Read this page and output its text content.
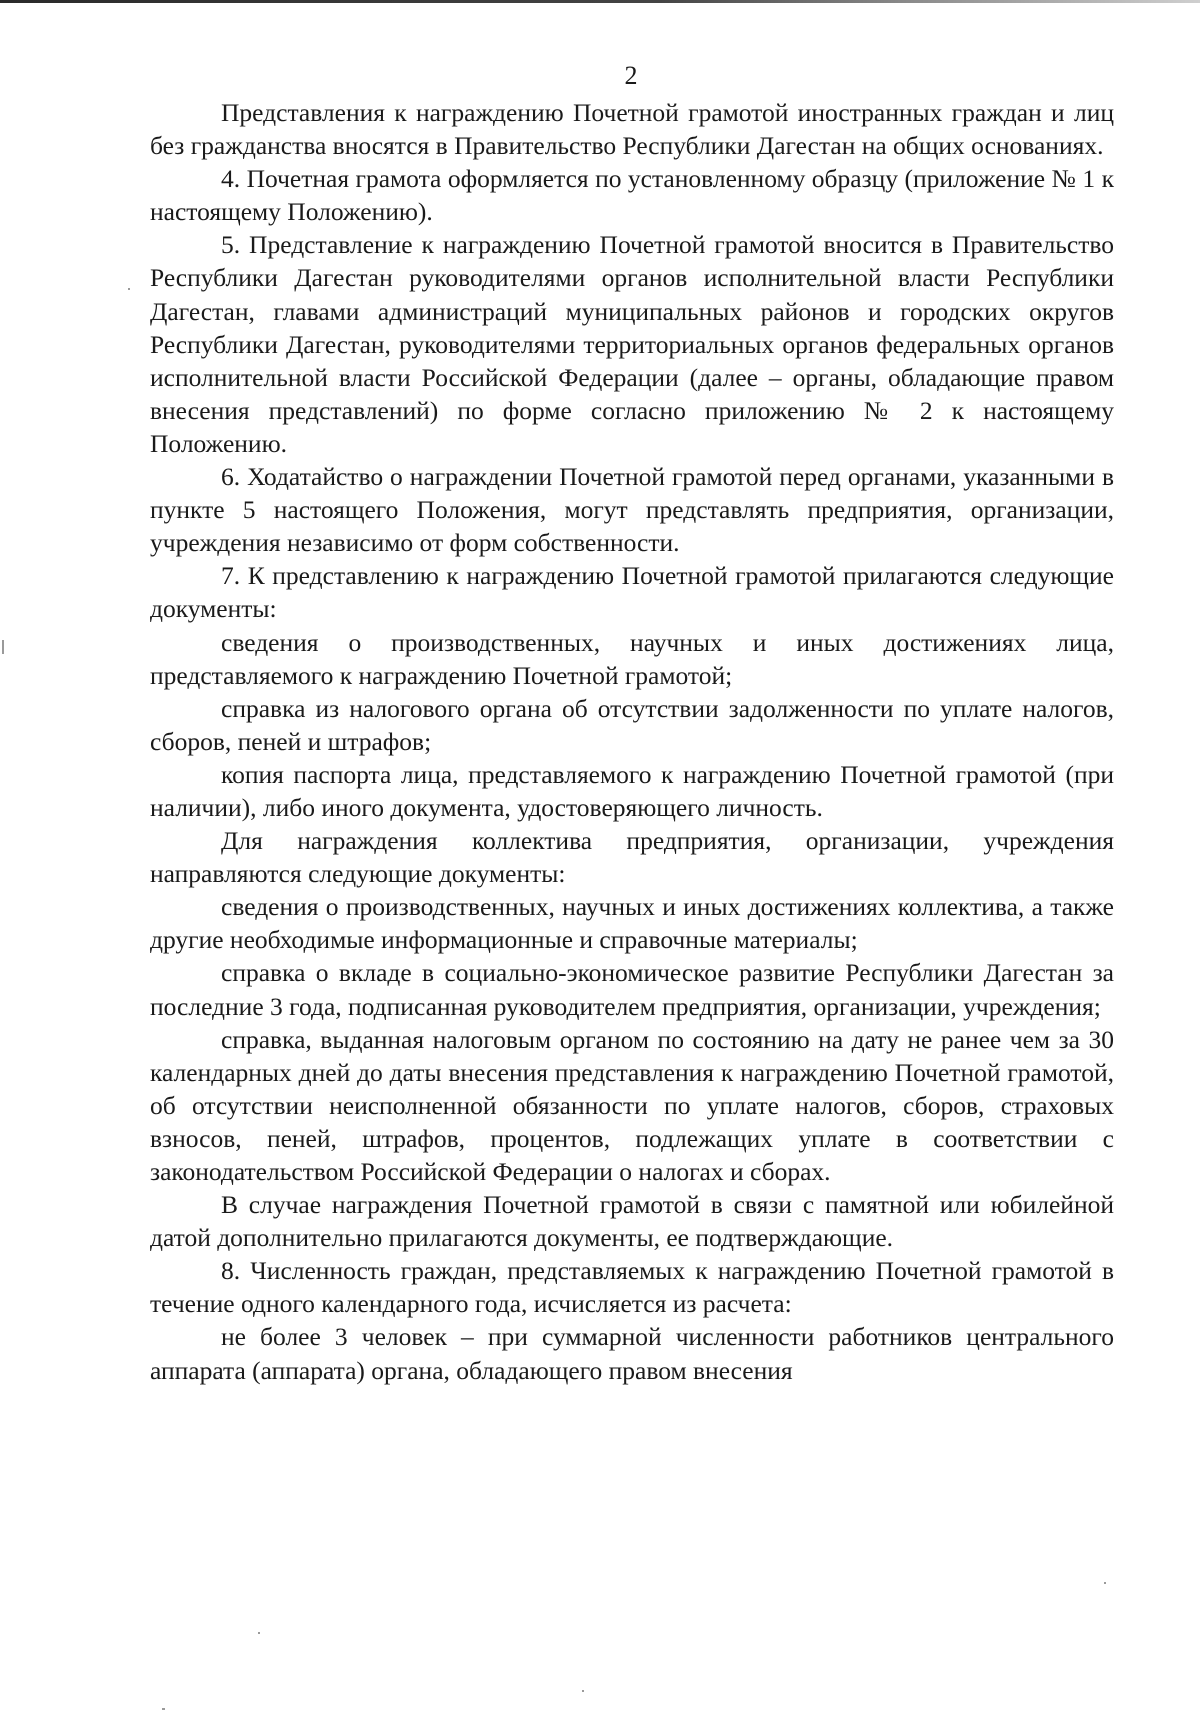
2

Представления к награждению Почетной грамотой иностранных граждан и лиц без гражданства вносятся в Правительство Республики Дагестан на общих основаниях.

4. Почетная грамота оформляется по установленному образцу (приложение № 1 к настоящему Положению).

5. Представление к награждению Почетной грамотой вносится в Правительство Республики Дагестан руководителями органов исполнительной власти Республики Дагестан, главами администраций муниципальных районов и городских округов Республики Дагестан, руководителями территориальных органов федеральных органов исполнительной власти Российской Федерации (далее – органы, обладающие правом внесения представлений) по форме согласно приложению № 2 к настоящему Положению.

6. Ходатайство о награждении Почетной грамотой перед органами, указанными в пункте 5 настоящего Положения, могут представлять предприятия, организации, учреждения независимо от форм собственности.

7. К представлению к награждению Почетной грамотой прилагаются следующие документы:

сведения о производственных, научных и иных достижениях лица, представляемого к награждению Почетной грамотой;

справка из налогового органа об отсутствии задолженности по уплате налогов, сборов, пеней и штрафов;

копия паспорта лица, представляемого к награждению Почетной грамотой (при наличии), либо иного документа, удостоверяющего личность.

Для награждения коллектива предприятия, организации, учреждения направляются следующие документы:

сведения о производственных, научных и иных достижениях коллектива, а также другие необходимые информационные и справочные материалы;

справка о вкладе в социально-экономическое развитие Республики Дагестан за последние 3 года, подписанная руководителем предприятия, организации, учреждения;

справка, выданная налоговым органом по состоянию на дату не ранее чем за 30 календарных дней до даты внесения представления к награждению Почетной грамотой, об отсутствии неисполненной обязанности по уплате налогов, сборов, страховых взносов, пеней, штрафов, процентов, подлежащих уплате в соответствии с законодательством Российской Федерации о налогах и сборах.

В случае награждения Почетной грамотой в связи с памятной или юбилейной датой дополнительно прилагаются документы, ее подтверждающие.

8. Численность граждан, представляемых к награждению Почетной грамотой в течение одного календарного года, исчисляется из расчета:

не более 3 человек – при суммарной численности работников центрального аппарата (аппарата) органа, обладающего правом внесения
